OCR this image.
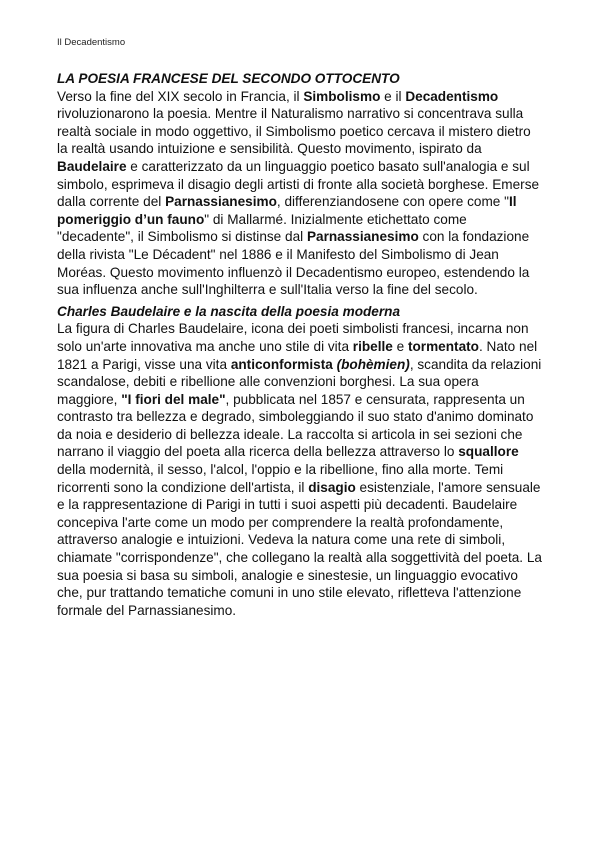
Il Decadentismo

LA POESIA FRANCESE DEL SECONDO OTTOCENTO

Verso la fine del XIX secolo in Francia, il Simbolismo e il Decadentismo rivoluzionarono la poesia. Mentre il Naturalismo narrativo si concentrava sulla realtà sociale in modo oggettivo, il Simbolismo poetico cercava il mistero dietro la realtà usando intuizione e sensibilità. Questo movimento, ispirato da Baudelaire e caratterizzato da un linguaggio poetico basato sull'analogia e sul simbolo, esprimeva il disagio degli artisti di fronte alla società borghese. Emerse dalla corrente del Parnassianesimo, differenziandosene con opere come "Il pomeriggio d’un fauno" di Mallarmé. Inizialmente etichettato come "decadente", il Simbolismo si distinse dal Parnassianesimo con la fondazione della rivista "Le Décadent" nel 1886 e il Manifesto del Simbolismo di Jean Moréas. Questo movimento influenzò il Decadentismo europeo, estendendo la sua influenza anche sull'Inghilterra e sull'Italia verso la fine del secolo.

Charles Baudelaire e la nascita della poesia moderna

La figura di Charles Baudelaire, icona dei poeti simbolisti francesi, incarna non solo un'arte innovativa ma anche uno stile di vita ribelle e tormentato. Nato nel 1821 a Parigi, visse una vita anticonformista (bohèmien), scandita da relazioni scandalose, debiti e ribellione alle convenzioni borghesi. La sua opera maggiore, "I fiori del male", pubblicata nel 1857 e censurata, rappresenta un contrasto tra bellezza e degrado, simboleggiando il suo stato d'animo dominato da noia e desiderio di bellezza ideale. La raccolta si articola in sei sezioni che narrano il viaggio del poeta alla ricerca della bellezza attraverso lo squallore della modernità, il sesso, l'alcol, l'oppio e la ribellione, fino alla morte. Temi ricorrenti sono la condizione dell'artista, il disagio esistenziale, l'amore sensuale e la rappresentazione di Parigi in tutti i suoi aspetti più decadenti. Baudelaire concepiva l'arte come un modo per comprendere la realtà profondamente, attraverso analogie e intuizioni. Vedeva la natura come una rete di simboli, chiamate "corrispondenze", che collegano la realtà alla soggettività del poeta. La sua poesia si basa su simboli, analogie e sinestesie, un linguaggio evocativo che, pur trattando tematiche comuni in uno stile elevato, rifletteva l'attenzione formale del Parnassianesimo.
